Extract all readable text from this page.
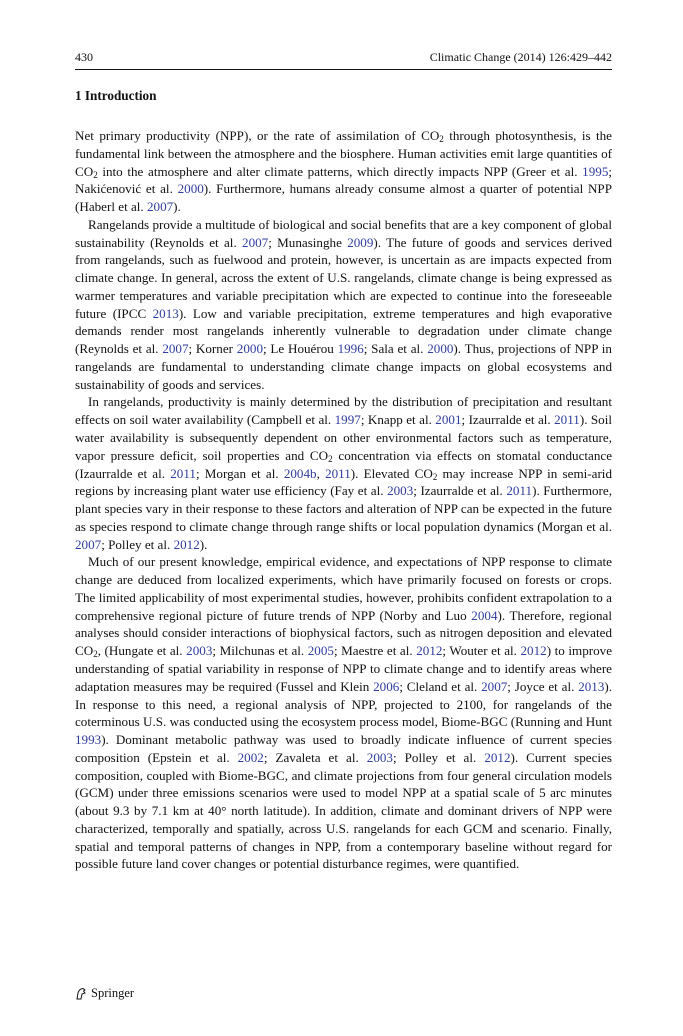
430	Climatic Change (2014) 126:429–442
1 Introduction

Net primary productivity (NPP), or the rate of assimilation of $CO_2$ through photosynthesis, is the fundamental link between the atmosphere and the biosphere. Human activities emit large quantities of $CO_2$ into the atmosphere and alter climate patterns, which directly impacts NPP (Greer et al. 1995; Nakićenović et al. 2000). Furthermore, humans already consume almost a quarter of potential NPP (Haberl et al. 2007).

Rangelands provide a multitude of biological and social benefits that are a key component of global sustainability (Reynolds et al. 2007; Munasinghe 2009). The future of goods and services derived from rangelands, such as fuelwood and protein, however, is uncertain as are impacts expected from climate change. In general, across the extent of U.S. rangelands, climate change is being expressed as warmer temperatures and variable precipitation which are expected to continue into the foreseeable future (IPCC 2013). Low and variable precipitation, extreme temperatures and high evaporative demands render most rangelands inherently vulnerable to degradation under climate change (Reynolds et al. 2007; Korner 2000; Le Houérou 1996; Sala et al. 2000). Thus, projections of NPP in rangelands are fundamental to understanding climate change impacts on global ecosystems and sustainability of goods and services.

In rangelands, productivity is mainly determined by the distribution of precipitation and resultant effects on soil water availability (Campbell et al. 1997; Knapp et al. 2001; Izaurralde et al. 2011). Soil water availability is subsequently dependent on other environmental factors such as temperature, vapor pressure deficit, soil properties and $CO_2$ concentration via effects on stomatal conductance (Izaurralde et al. 2011; Morgan et al. 2004b, 2011). Elevated $CO_2$ may increase NPP in semi-arid regions by increasing plant water use efficiency (Fay et al. 2003; Izaurralde et al. 2011). Furthermore, plant species vary in their response to these factors and alteration of NPP can be expected in the future as species respond to climate change through range shifts or local population dynamics (Morgan et al. 2007; Polley et al. 2012).

Much of our present knowledge, empirical evidence, and expectations of NPP response to climate change are deduced from localized experiments, which have primarily focused on forests or crops. The limited applicability of most experimental studies, however, prohibits confident extrapolation to a comprehensive regional picture of future trends of NPP (Norby and Luo 2004). Therefore, regional analyses should consider interactions of biophysical factors, such as nitrogen deposition and elevated $CO_2$, (Hungate et al. 2003; Milchunas et al. 2005; Maestre et al. 2012; Wouter et al. 2012) to improve understanding of spatial variability in response of NPP to climate change and to identify areas where adaptation measures may be required (Fussel and Klein 2006; Cleland et al. 2007; Joyce et al. 2013). In response to this need, a regional analysis of NPP, projected to 2100, for rangelands of the coterminous U.S. was conducted using the ecosystem process model, Biome-BGC (Running and Hunt 1993). Dominant metabolic pathway was used to broadly indicate influence of current species composition (Epstein et al. 2002; Zavaleta et al. 2003; Polley et al. 2012). Current species composition, coupled with Biome-BGC, and climate projections from four general circulation models (GCM) under three emissions scenarios were used to model NPP at a spatial scale of 5 arc minutes (about 9.3 by 7.1 km at 40° north latitude). In addition, climate and dominant drivers of NPP were characterized, temporally and spatially, across U.S. rangelands for each GCM and scenario. Finally, spatial and temporal patterns of changes in NPP, from a contemporary baseline without regard for possible future land cover changes or potential disturbance regimes, were quantified.

Springer
